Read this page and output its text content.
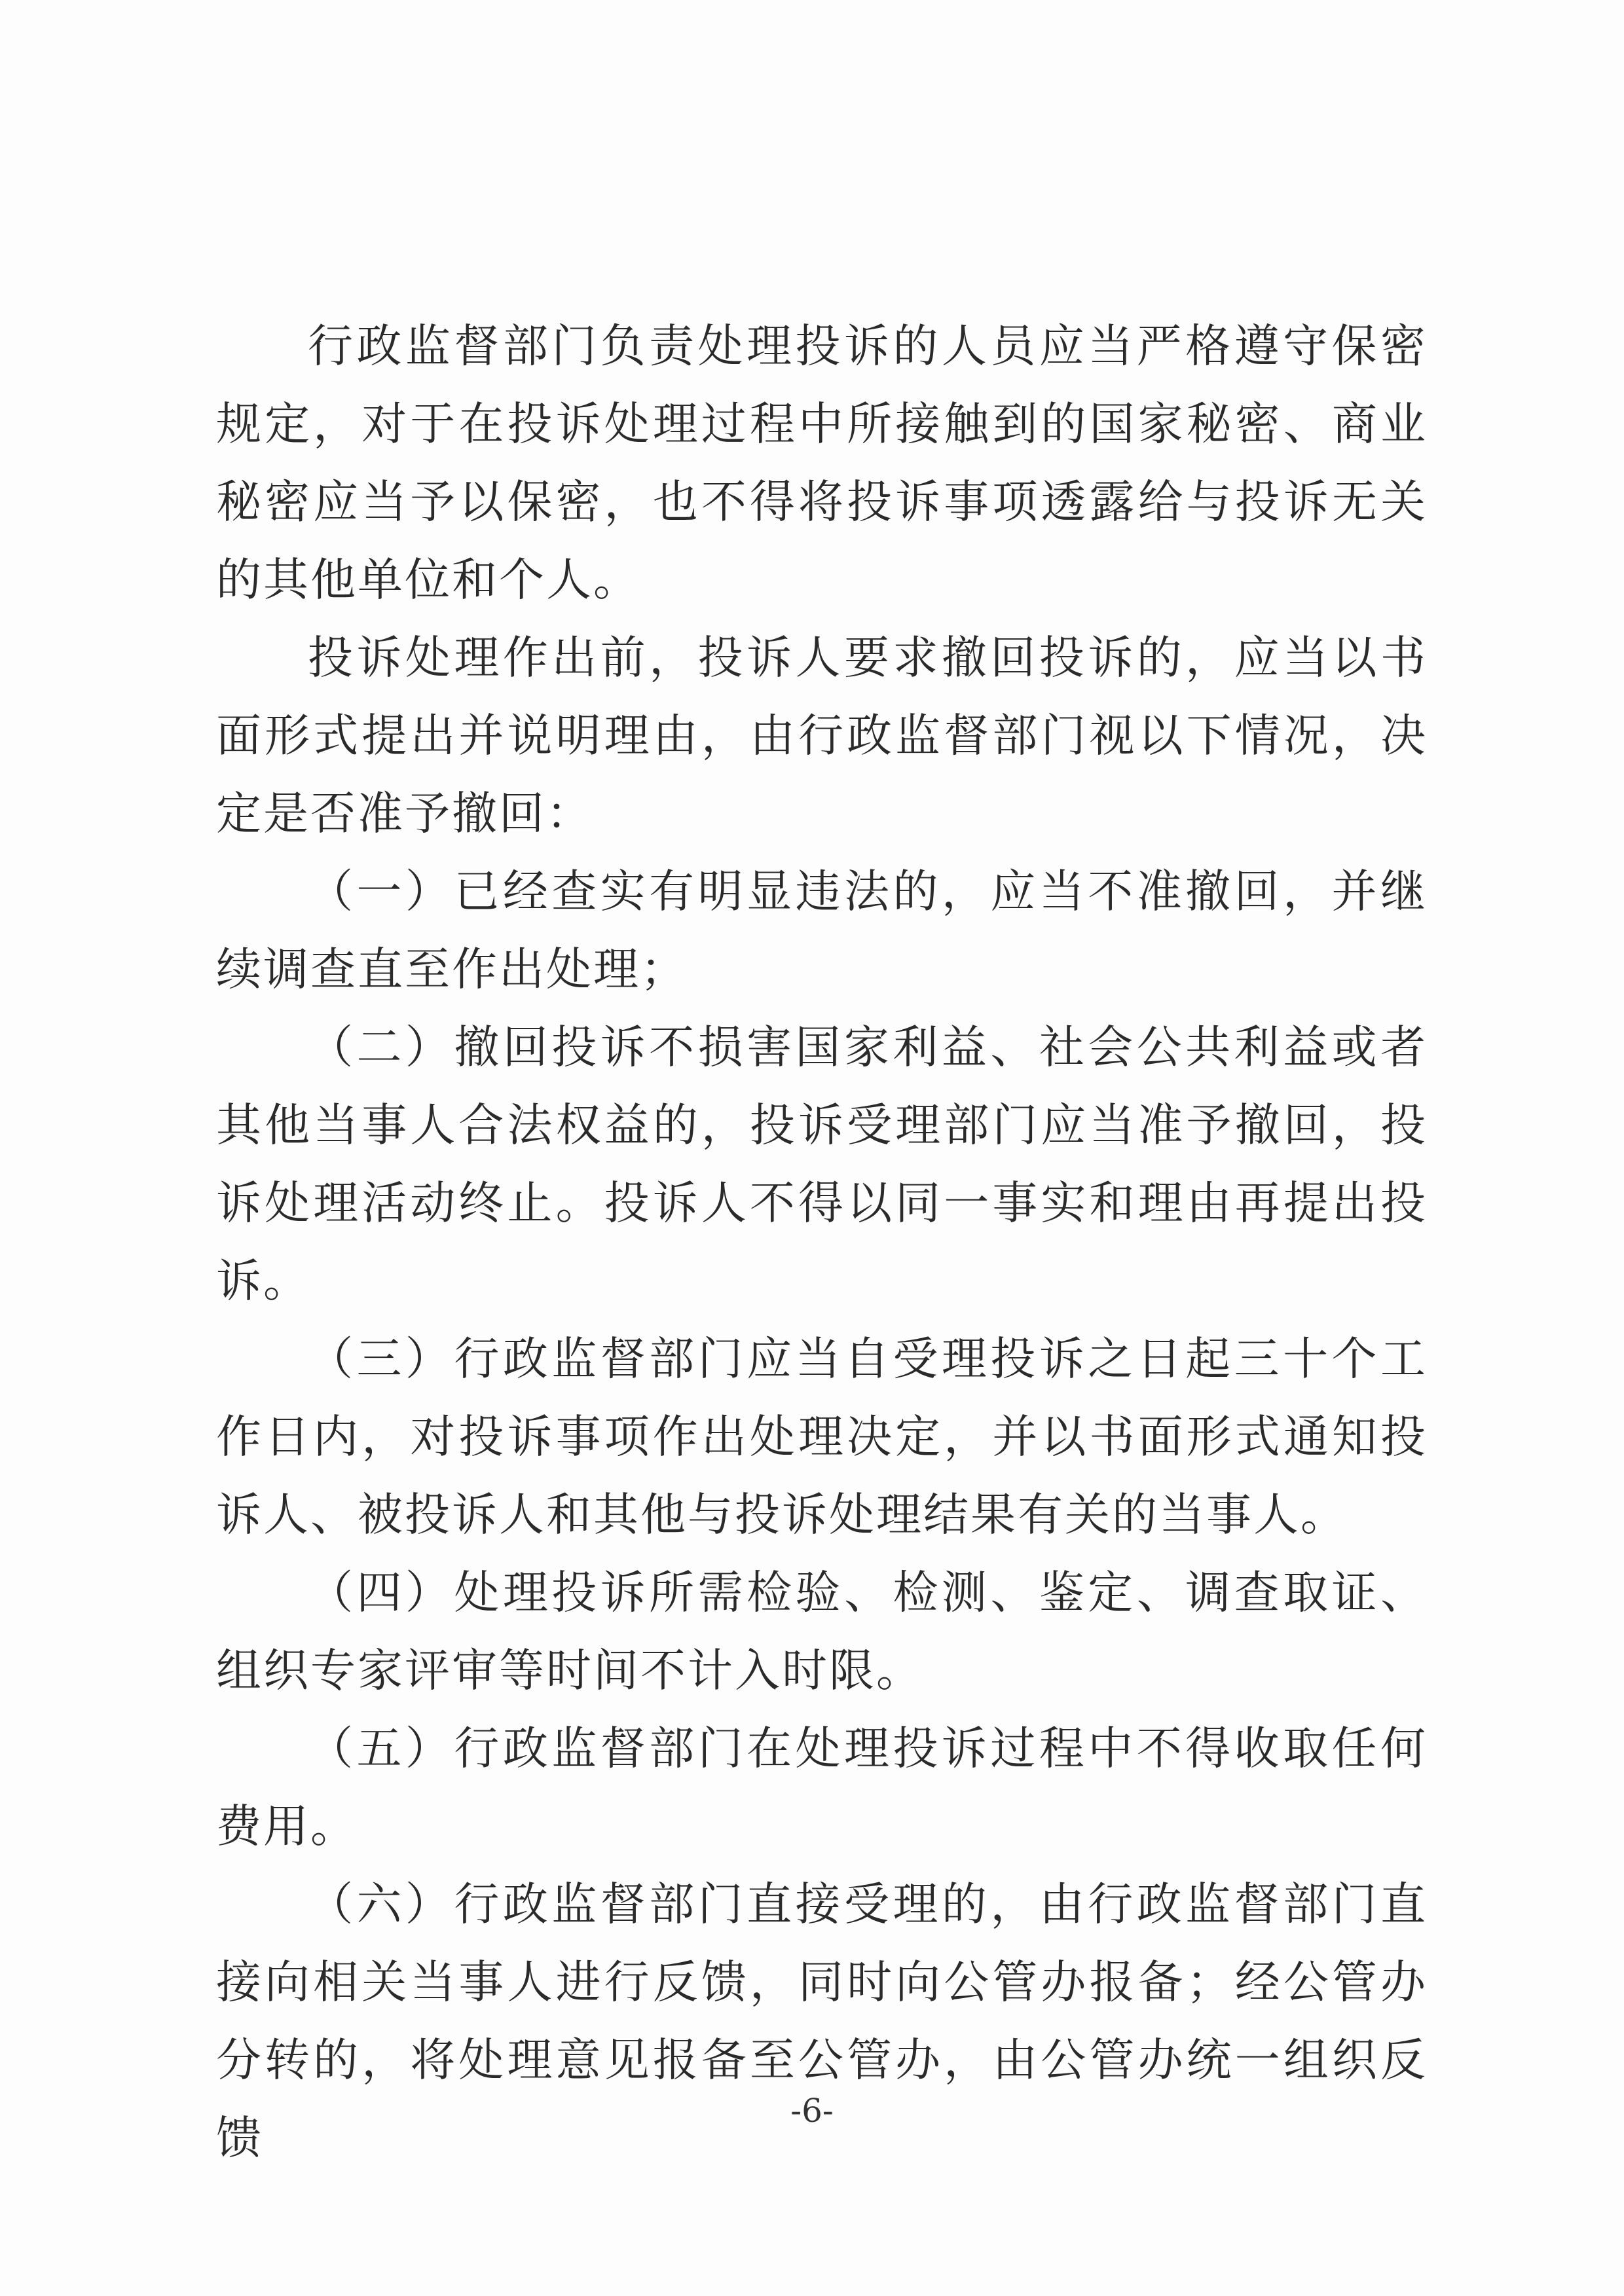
行政监督部门负责处理投诉的人员应当严格遵守保密规定，对于在投诉处理过程中所接触到的国家秘密、商业秘密应当予以保密，也不得将投诉事项透露给与投诉无关的其他单位和个人。

投诉处理作出前，投诉人要求撤回投诉的，应当以书面形式提出并说明理由，由行政监督部门视以下情况，决定是否准予撤回：

（一）已经查实有明显违法的，应当不准撤回，并继续调查直至作出处理；

（二）撤回投诉不损害国家利益、社会公共利益或者其他当事人合法权益的，投诉受理部门应当准予撤回，投诉处理活动终止。投诉人不得以同一事实和理由再提出投诉。

（三）行政监督部门应当自受理投诉之日起三十个工作日内，对投诉事项作出处理决定，并以书面形式通知投诉人、被投诉人和其他与投诉处理结果有关的当事人。

（四）处理投诉所需检验、检测、鉴定、调查取证、组织专家评审等时间不计入时限。

（五）行政监督部门在处理投诉过程中不得收取任何费用。

（六）行政监督部门直接受理的，由行政监督部门直接向相关当事人进行反馈，同时向公管办报备；经公管办分转的，将处理意见报备至公管办，由公管办统一组织反馈

-6-
